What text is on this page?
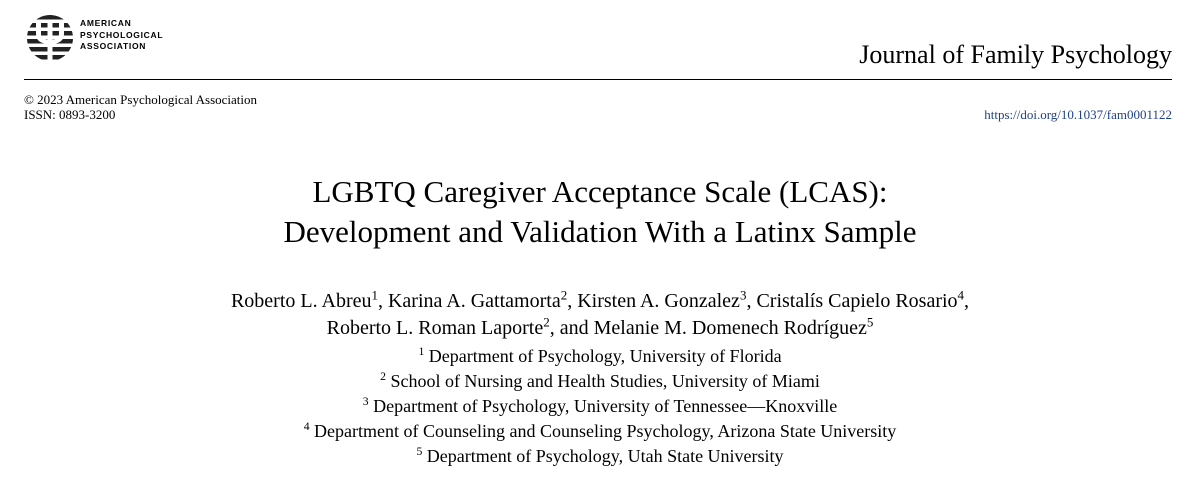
AMERICAN
PSYCHOLOGICAL
ASSOCIATION	Journal of Family Psychology
© 2023 American Psychological Association
ISSN: 0893-3200	https://doi.org/10.1037/fam0001122
LGBTQ Caregiver Acceptance Scale (LCAS):
Development and Validation With a Latinx Sample
Roberto L. Abreu$^1$, Karina A. Gattamorta$^2$, Kirsten A. Gonzalez$^3$, Cristalís Capielo Rosario$^4$,
Roberto L. Roman Laporte$^2$, and Melanie M. Domenech Rodríguez$^5$
$^1$ Department of Psychology, University of Florida
$^2$ School of Nursing and Health Studies, University of Miami
$^3$ Department of Psychology, University of Tennessee—Knoxville
$^4$ Department of Counseling and Counseling Psychology, Arizona State University
$^5$ Department of Psychology, Utah State University
